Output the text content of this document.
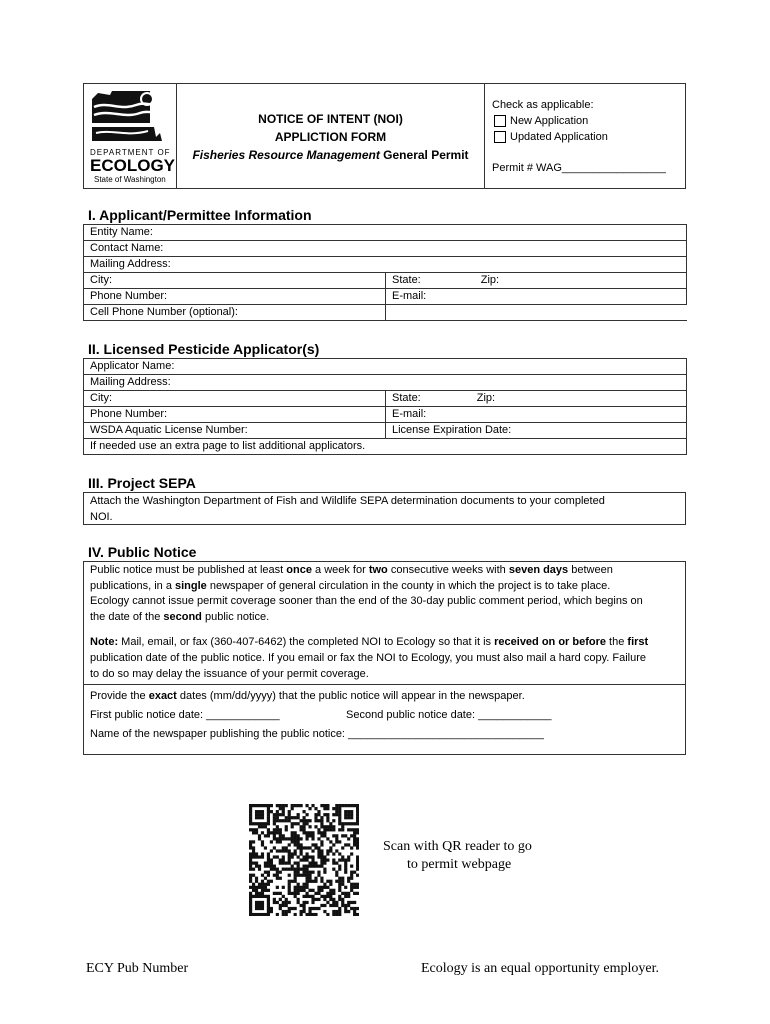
DEPARTMENT OF
ECOLOGY
State of Washington
NOTICE OF INTENT (NOI)
APPLICTION FORM
Fisheries Resource Management General Permit
Check as applicable:
New Application
Updated Application
Permit # WAG_________________
I. Applicant/Permittee Information
Entity Name:	
Contact Name:	
Mailing Address:	
City:	State: Zip:
Phone Number:	E-mail:
Cell Phone Number (optional):	
II. Licensed Pesticide Applicator(s)
Applicator Name:	
Mailing Address:	
City:	State: Zip:
Phone Number:	E-mail:
WSDA Aquatic License Number:	License Expiration Date:
If needed use an extra page to list additional applicators.	
III. Project SEPA
Attach the Washington Department of Fish and Wildlife SEPA determination documents to your completed
NOI.
IV. Public Notice
Public notice must be published at least once a week for two consecutive weeks with seven days between
publications, in a single newspaper of general circulation in the county in which the project is to take place.
Ecology cannot issue permit coverage sooner than the end of the 30-day public comment period, which begins on
the date of the second public notice.
Note: Mail, email, or fax (360-407-6462) the completed NOI to Ecology so that it is received on or before the first
publication date of the public notice. If you email or fax the NOI to Ecology, you must also mail a hard copy. Failure
to do so may delay the issuance of your permit coverage.
Provide the exact dates (mm/dd/yyyy) that the public notice will appear in the newspaper.
First public notice date: ____________	Second public notice date: ____________
Name of the newspaper publishing the public notice: ________________________________
Scan with QR reader to go
to permit webpage
ECY Pub Number	Ecology is an equal opportunity employer.
